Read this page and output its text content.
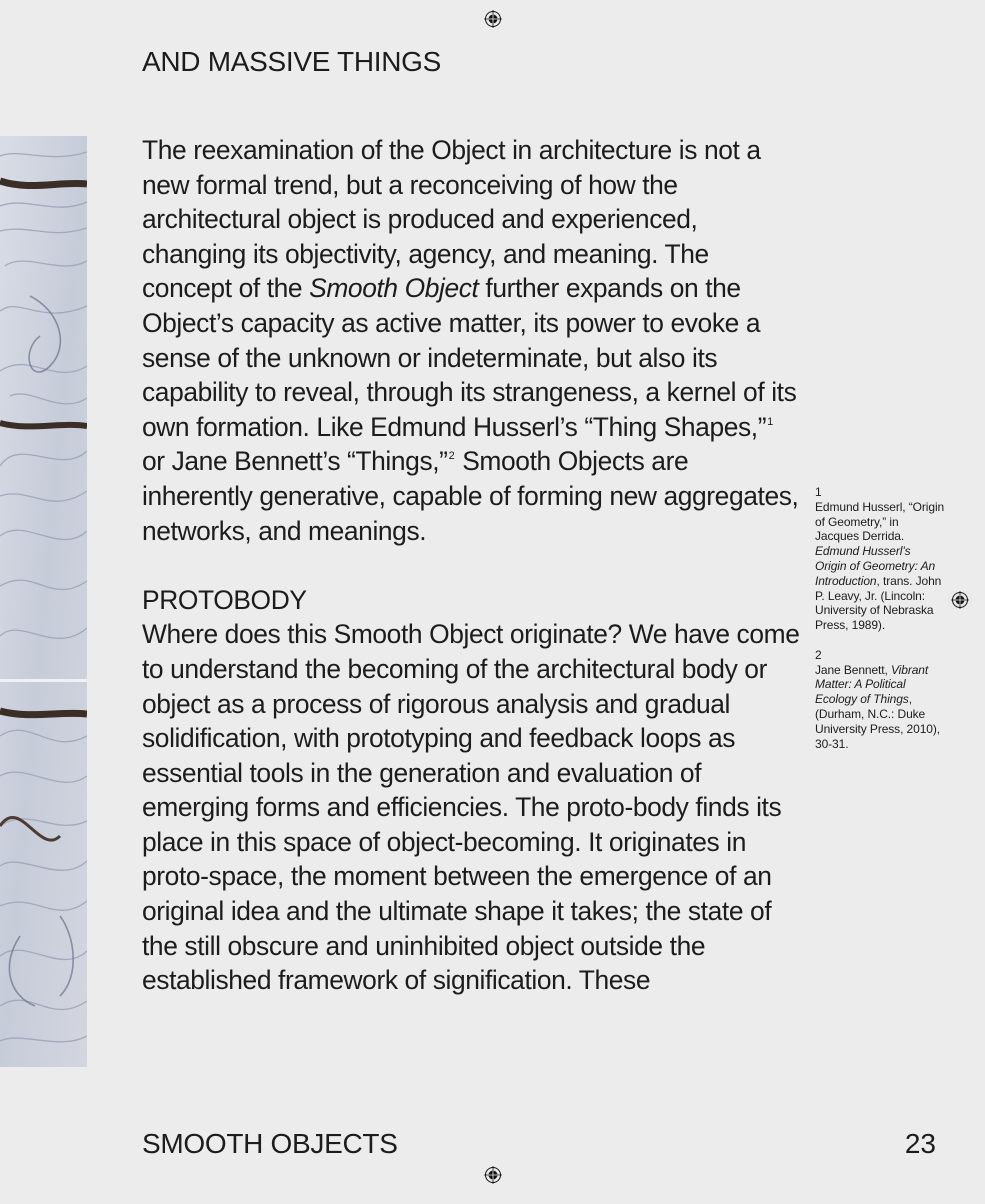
AND MASSIVE THINGS

The reexamination of the Object in architecture is not a new formal trend, but a reconceiving of how the architectural object is produced and experienced, changing its objectivity, agency, and meaning. The concept of the Smooth Object further expands on the Object’s capacity as active matter, its power to evoke a sense of the unknown or indeterminate, but also its capability to reveal, through its strangeness, a kernel of its own formation. Like Edmund Husserl’s “Thing Shapes,”$^1$ or Jane Bennett’s “Things,”$^2$ Smooth Objects are inherently generative, capable of forming new aggregates, networks, and meanings.

PROTOBODY

Where does this Smooth Object originate? We have come to understand the becoming of the architectural body or object as a process of rigorous analysis and gradual solidification, with prototyping and feedback loops as essential tools in the generation and evaluation of emerging forms and efficiencies. The proto-body finds its place in this space of object-becoming. It originates in proto-space, the moment between the emergence of an original idea and the ultimate shape it takes; the state of the still obscure and uninhibited object outside the established framework of signification. These

1
Edmund Husserl, “Origin of Geometry,” in Jacques Derrida. Edmund Husserl’s Origin of Geometry: An Introduction, trans. John P. Leavy, Jr. (Lincoln: University of Nebraska Press, 1989).
2
Jane Bennett, Vibrant Matter: A Political Ecology of Things, (Durham, N.C.: Duke University Press, 2010), 30-31.
SMOOTH OBJECTS	23
